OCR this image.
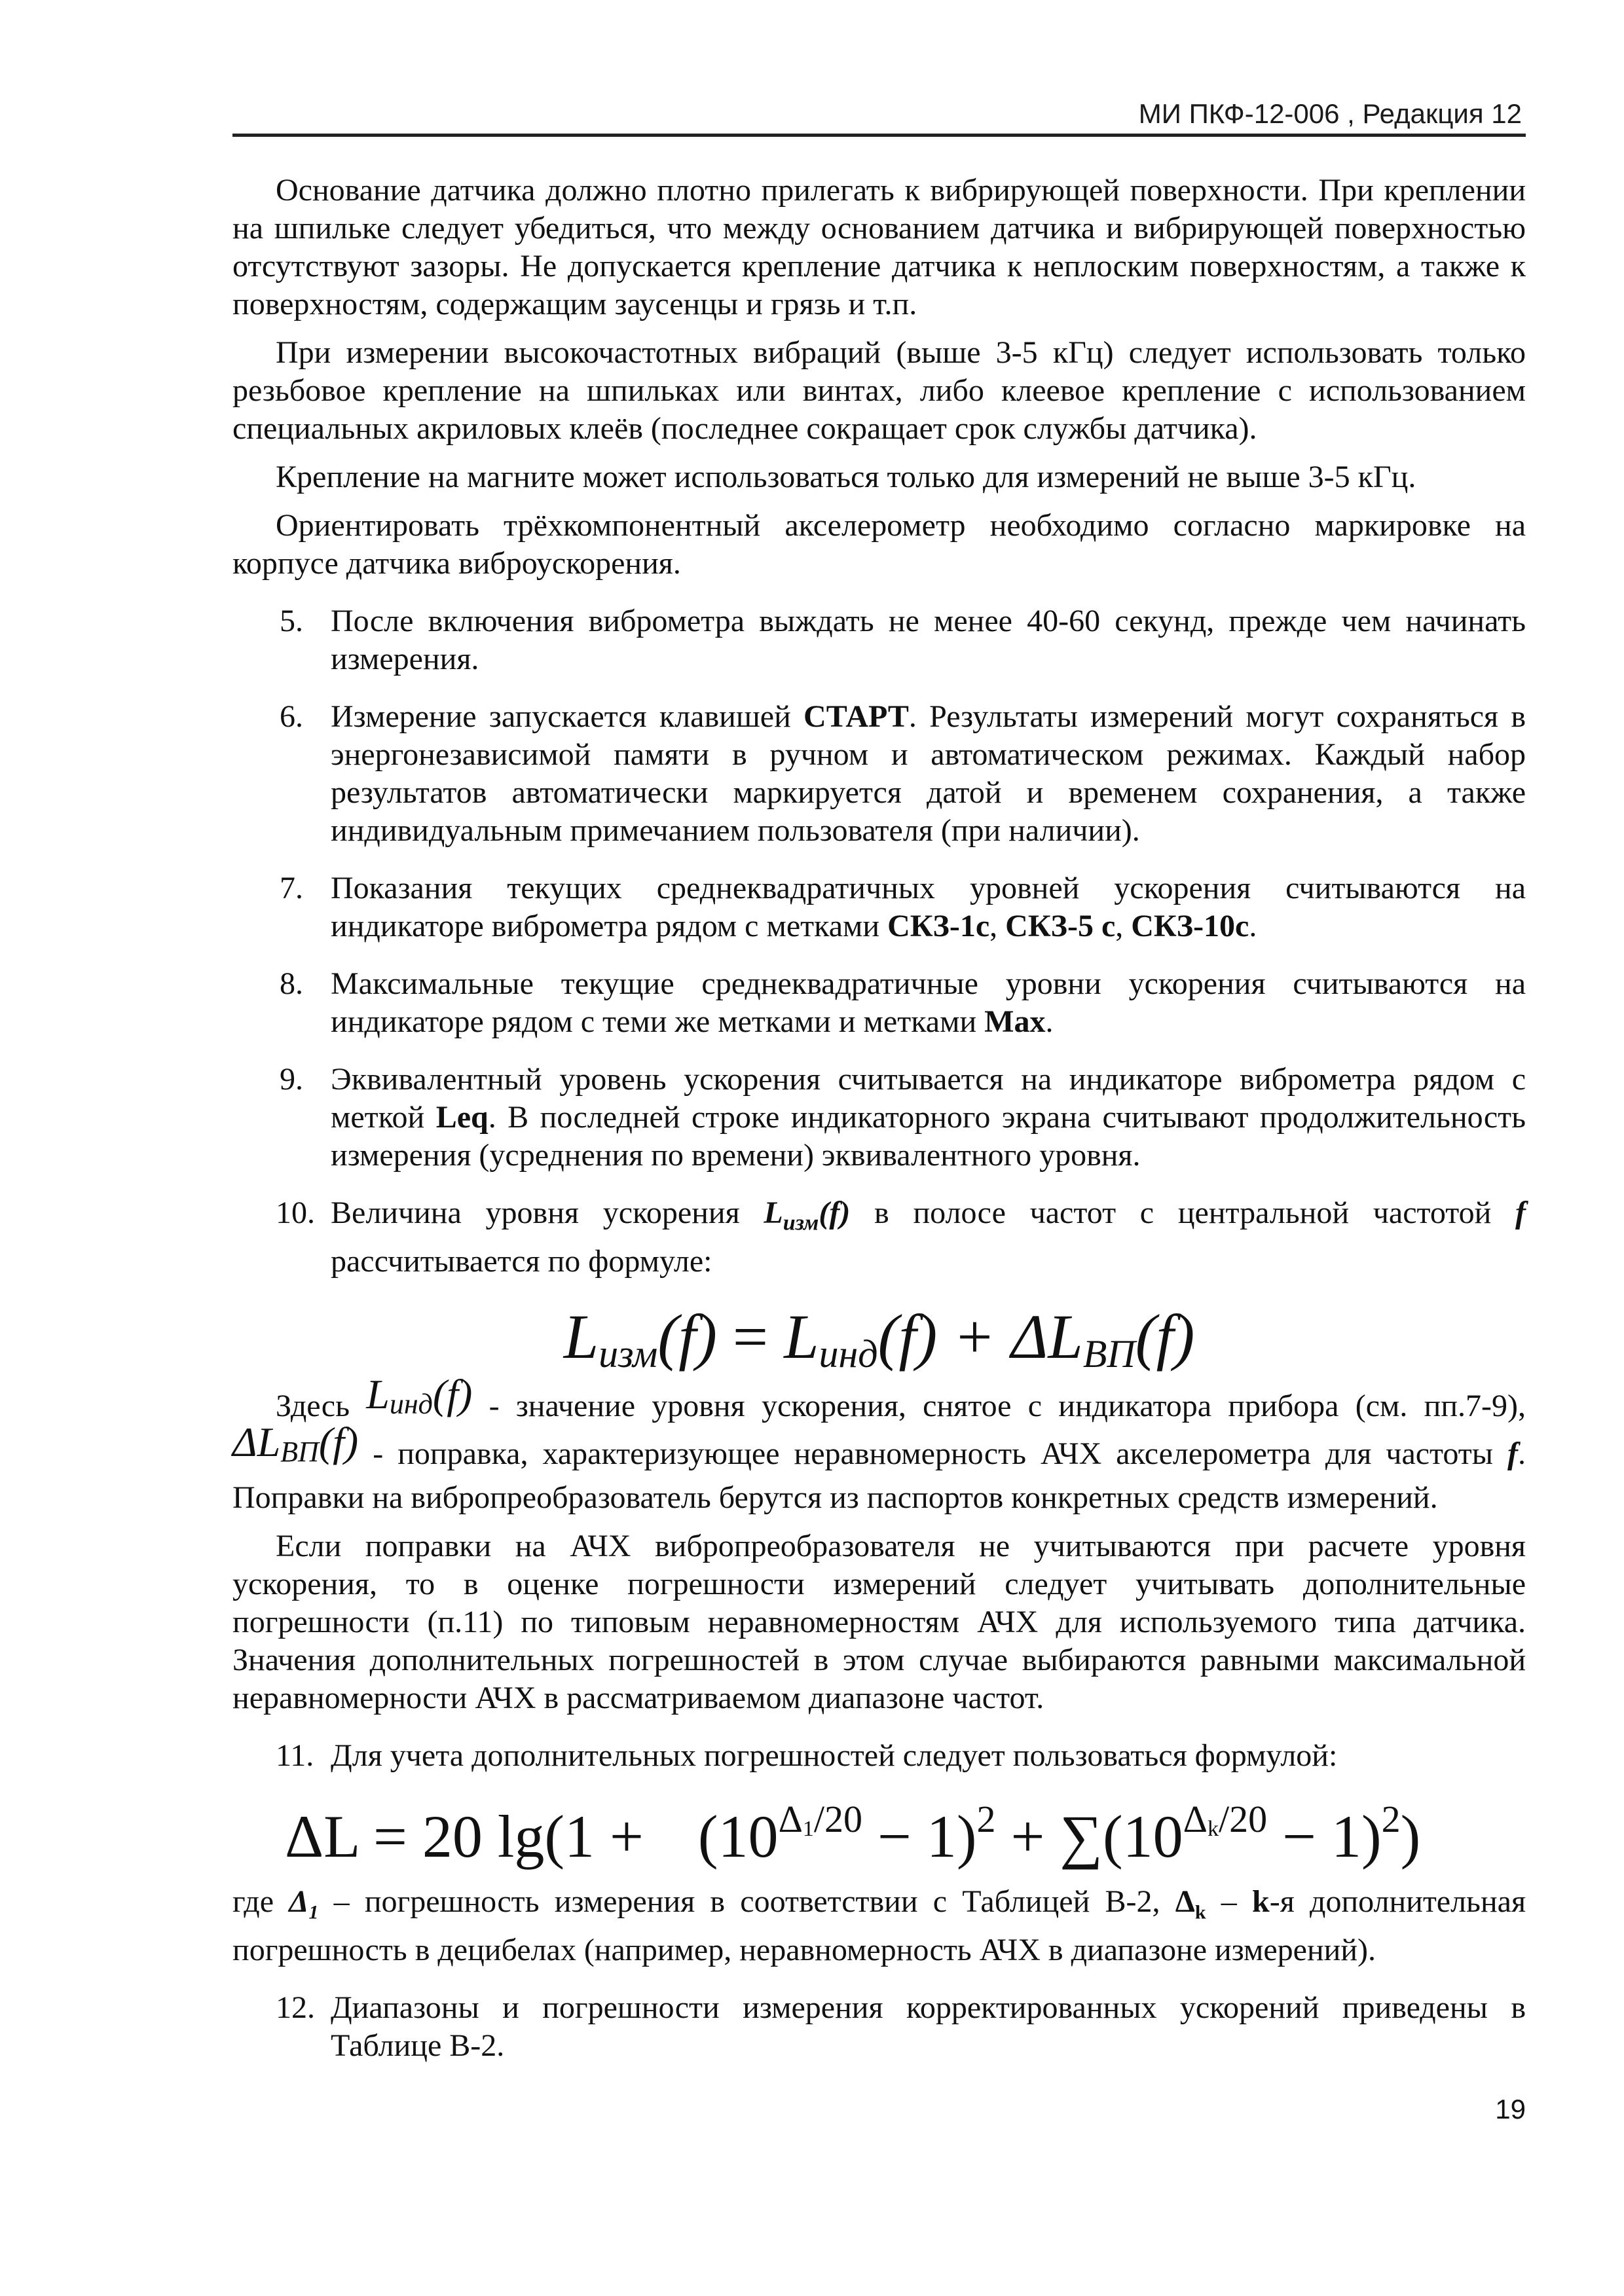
МИ ПКФ-12-006 , Редакция 12

Основание датчика должно плотно прилегать к вибрирующей поверхности. При креплении на шпильке следует убедиться, что между основанием датчика и вибрирующей поверхностью отсутствуют зазоры. Не допускается крепление датчика к неплоским поверхностям, а также к поверхностям, содержащим заусенцы и грязь и т.п.

При измерении высокочастотных вибраций (выше 3-5 кГц) следует использовать только резьбовое крепление на шпильках или винтах, либо клеевое крепление с использованием специальных акриловых клеёв (последнее сокращает срок службы датчика).

Крепление на магните может использоваться только для измерений не выше 3-5 кГц.

Ориентировать трёхкомпонентный акселерометр необходимо согласно маркировке на корпусе датчика виброускорения.

5. После включения виброметра выждать не менее 40-60 секунд, прежде чем начинать измерения.
6. Измерение запускается клавишей СТАРТ. Результаты измерений могут сохраняться в энергонезависимой памяти в ручном и автоматическом режимах. Каждый набор результатов автоматически маркируется датой и временем сохранения, а также индивидуальным примечанием пользователя (при наличии).
7. Показания текущих среднеквадратичных уровней ускорения считываются на индикаторе виброметра рядом с метками СКЗ-1с, СКЗ-5 с, СКЗ-10с.
8. Максимальные текущие среднеквадратичные уровни ускорения считываются на индикаторе рядом с теми же метками и метками Max.
9. Эквивалентный уровень ускорения считывается на индикаторе виброметра рядом с меткой Leq. В последней строке индикаторного экрана считывают продолжительность измерения (усреднения по времени) эквивалентного уровня.
10. Величина уровня ускорения $L_{изм}(f)$ в полосе частот с центральной частотой f рассчитывается по формуле:
$L_{изм}(f) = L_{инд}(f) + \Delta L_{ВП}(f)$

Здесь $L_{инд}(f)$ - значение уровня ускорения, снятое с индикатора прибора (см. пп.7-9), $\Delta L_{ВП}(f)$ - поправка, характеризующее неравномерность АЧХ акселерометра для частоты f. Поправки на вибропреобразователь берутся из паспортов конкретных средств измерений.

Если поправки на АЧХ вибропреобразователя не учитываются при расчете уровня ускорения, то в оценке погрешности измерений следует учитывать дополнительные погрешности (п.11) по типовым неравномерностям АЧХ для используемого типа датчика. Значения дополнительных погрешностей в этом случае выбираются равными максимальной неравномерности АЧХ в рассматриваемом диапазоне частот.

11. Для учета дополнительных погрешностей следует пользоваться формулой:
ΔL = 20 $\lg(1 + (10^{\Delta_1/20} - 1)^2 + \sum(10^{\Delta_k/20} - 1)^2)$

где $\Delta_1$ – погрешность измерения в соответствии с Таблицей В-2, $\Delta_k - k-я$ дополнительная погрешность в децибелах (например, неравномерность АЧХ в диапазоне измерений).

12. Диапазоны и погрешности измерения корректированных ускорений приведены в Таблице В-2.
19
